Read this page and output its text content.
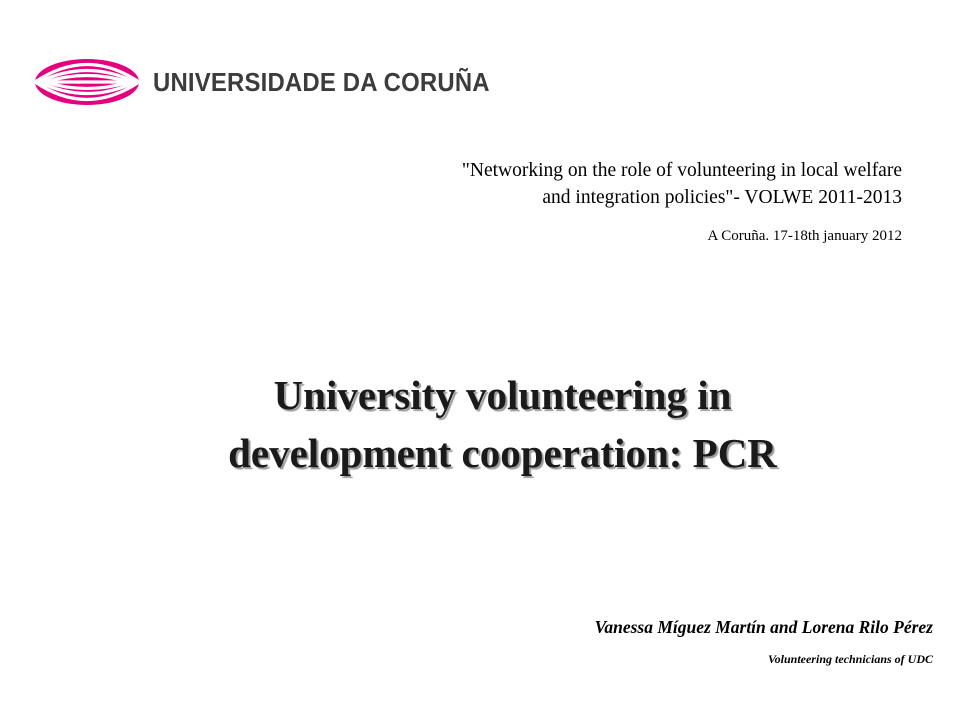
UNIVERSIDADE DA CORUÑA
"Networking on the role of volunteering in local welfare
and integration policies"- VOLWE 2011-2013
A Coruña. 17-18th january 2012
University volunteering in
development cooperation: PCR
Vanessa Míguez Martín and Lorena Rilo Pérez
Volunteering technicians of UDC
